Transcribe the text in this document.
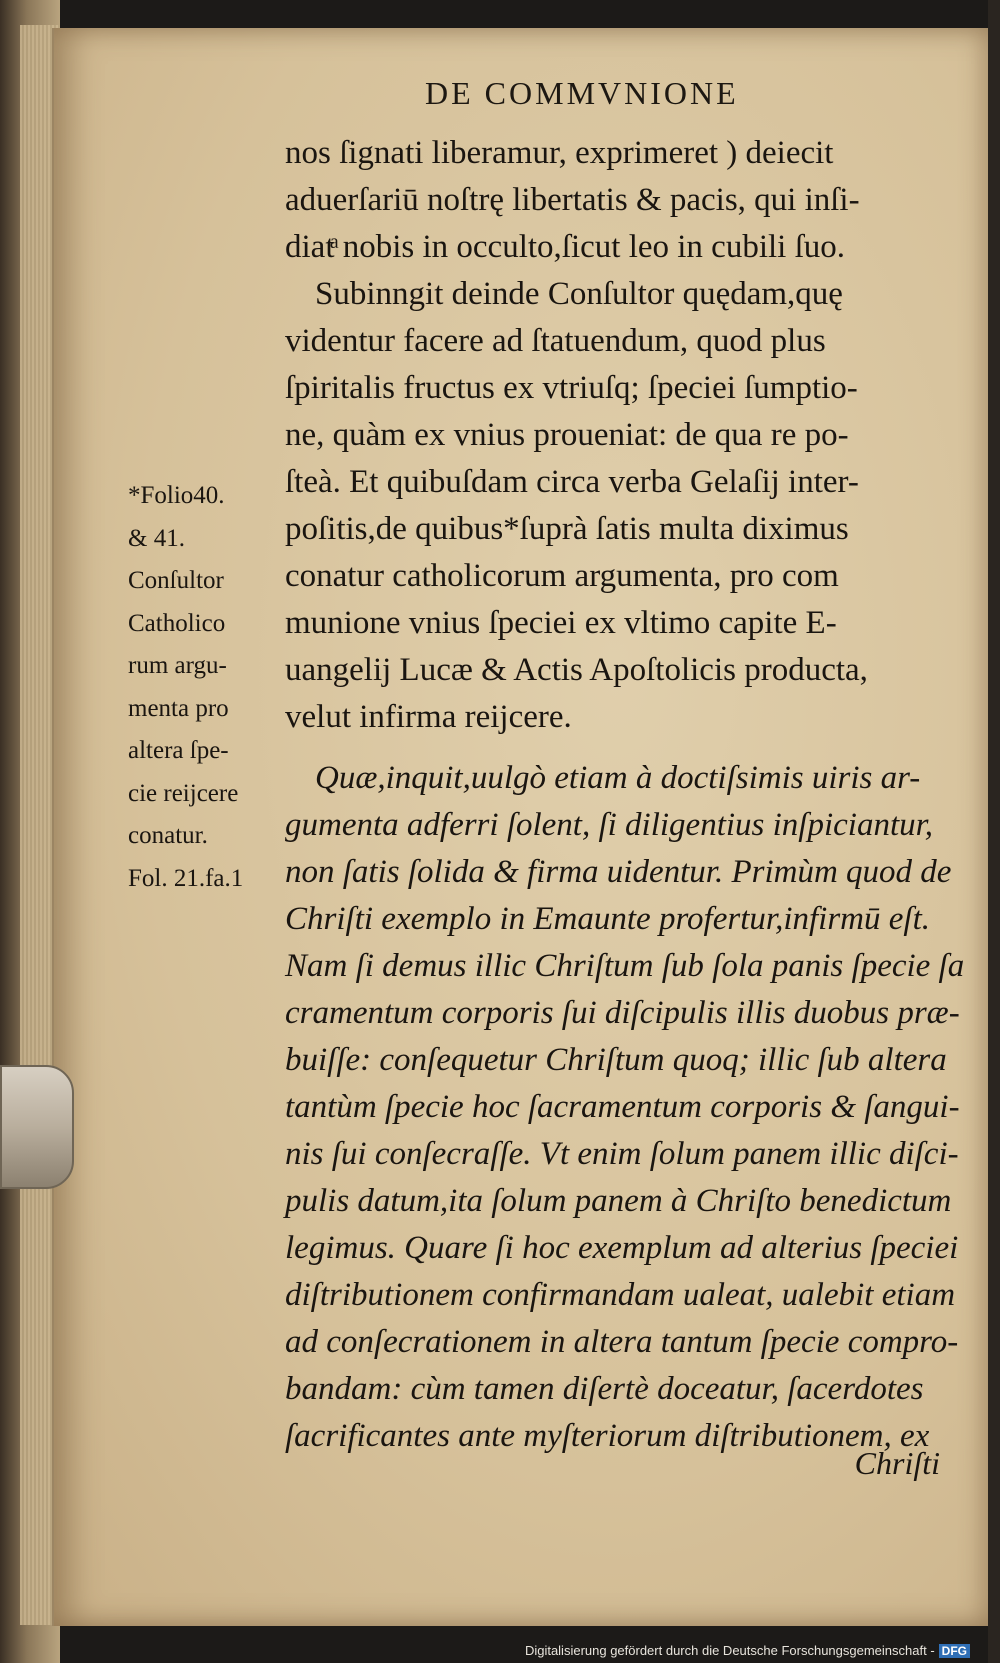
DE COMMVNIONE
nos ſignati liberamur, exprimeret ) deiecit
aduerſariū noſtrę libertatis & pacis, qui inſi-
diatͣ nobis in occulto,ſicut leo in cubili ſuo.
Subinngit deinde Conſultor quędam,quę
videntur facere ad ſtatuendum, quod plus
ſpiritalis fructus ex vtriuſq; ſpeciei ſumptio-
ne, quàm ex vnius proueniat: de qua re po-
ſteà. Et quibuſdam circa verba Gelaſij inter-
poſitis,de quibus*ſuprà ſatis multa diximus
conatur catholicorum argumenta, pro com
munione vnius ſpeciei ex vltimo capite E-
uangelij Lucæ & Actis Apoſtolicis producta,
velut infirma reijcere.
Quæ,inquit,uulgò etiam à doctiſsimis uiris ar-
gumenta adferri ſolent, ſi diligentius inſpiciantur,
non ſatis ſolida & firma uidentur. Primùm quod de
Chriſti exemplo in Emaunte profertur,infirmū eſt.
Nam ſi demus illic Chriſtum ſub ſola panis ſpecie ſa
cramentum corporis ſui diſcipulis illis duobus præ-
buiſſe: conſequetur Chriſtum quoq; illic ſub altera
tantùm ſpecie hoc ſacramentum corporis & ſangui-
nis ſui conſecraſſe. Vt enim ſolum panem illic diſci-
pulis datum,ita ſolum panem à Chriſto benedictum
legimus. Quare ſi hoc exemplum ad alterius ſpeciei
diſtributionem confirmandam ualeat, ualebit etiam
ad conſecrationem in altera tantum ſpecie compro-
bandam: cùm tamen diſertè doceatur, ſacerdotes
ſacrificantes ante myſteriorum diſtributionem, ex
*Folio40.
& 41.
Conſultor
Catholico
rum argu-
menta pro
altera ſpe-
cie reijcere
conatur.
Fol. 21.fa.1
Chriſti
Digitalisierung gefördert durch die Deutsche Forschungsgemeinschaft - DFG
